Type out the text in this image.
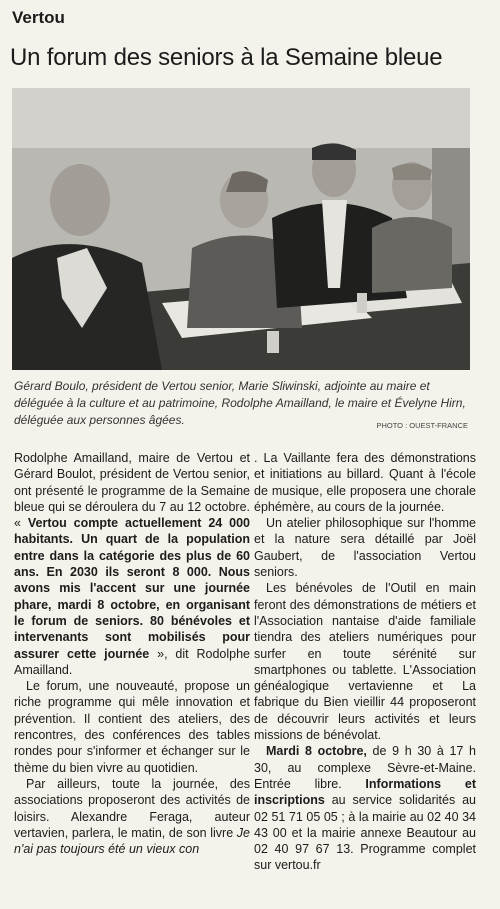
Vertou
Un forum des seniors à la Semaine bleue
Gérard Boulo, président de Vertou senior, Marie Sliwinski, adjointe au maire et déléguée à la culture et au patrimoine, Rodolphe Amailland, le maire et Évelyne Hirn, déléguée aux personnes âgées.	PHOTO : OUEST-FRANCE

Rodolphe Amailland, maire de Vertou et Gérard Boulot, président de Vertou senior, ont présenté le programme de la Semaine bleue qui se déroulera du 7 au 12 octobre. « Vertou compte actuellement 24 000 habitants. Un quart de la population entre dans la catégorie des plus de 60 ans. En 2030 ils seront 8 000. Nous avons mis l'accent sur une journée phare, mardi 8 octobre, en organisant le forum de seniors. 80 bénévoles et intervenants sont mobilisés pour assurer cette journée », dit Rodolphe Amailland.

Le forum, une nouveauté, propose un riche programme qui mêle innovation et prévention. Il contient des ateliers, des rencontres, des conférences des tables rondes pour s'informer et échanger sur le thème du bien vivre au quotidien.

Par ailleurs, toute la journée, des associations proposeront des activités de loisirs. Alexandre Feraga, auteur vertavien, parlera, le matin, de son livre Je n'ai pas toujours été un vieux con

. La Vaillante fera des démonstrations et initiations au billard. Quant à l'école de musique, elle proposera une chorale éphémère, au cours de la journée.

Un atelier philosophique sur l'homme et la nature sera détaillé par Joël Gaubert, de l'association Vertou seniors.

Les bénévoles de l'Outil en main feront des démonstrations de métiers et l'Association nantaise d'aide familiale tiendra des ateliers numériques pour surfer en toute sérénité sur smartphones ou tablette. L'Association généalogique vertavienne et La fabrique du Bien vieillir 44 proposeront de découvrir leurs activités et leurs missions de bénévolat.

Mardi 8 octobre, de 9 h 30 à 17 h 30, au complexe Sèvre-et-Maine. Entrée libre. Informations et inscriptions au service solidarités au 02 51 71 05 05 ; à la mairie au 02 40 34 43 00 et la mairie annexe Beautour au 02 40 97 67 13. Programme complet sur vertou.fr
